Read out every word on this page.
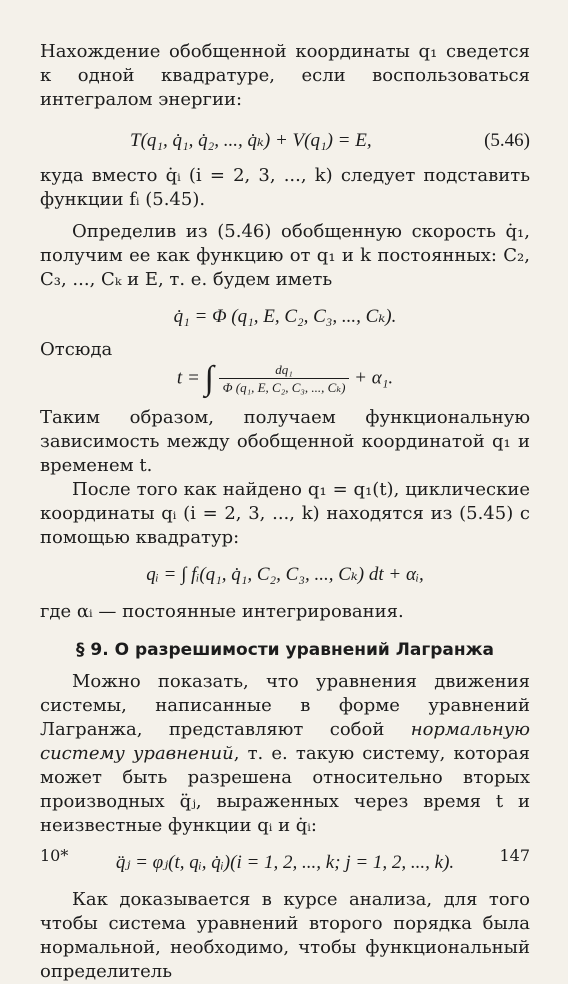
Нахождение обобщенной координаты q₁ сведется к одной квадратуре, если воспользоваться интегралом энергии:

T(q₁, q̇₁, q̇₂, ..., q̇ₖ) + V(q₁) = E,	(5.46)

куда вместо q̇ᵢ (i = 2, 3, ..., k) следует подставить функции fᵢ (5.45).

Определив из (5.46) обобщенную скорость q̇₁, получим ее как функцию от q₁ и k постоянных: C₂, C₃, ..., Cₖ и E, т. е. будем иметь

q̇₁ = Φ (q₁, E, C₂, C₃, ..., Cₖ).

Отсюда

t = ∫ $\frac{\text{dq₁}}{\text{Φ (q₁, E, C₂, C₃, ..., Cₖ)}} + \alpha_1$.

Таким образом, получаем функциональную зависимость между обобщенной координатой q₁ и временем t.

После того как найдено q₁ = q₁(t), циклические координаты qᵢ (i = 2, 3, ..., k) находятся из (5.45) с помощью квадратур:

qᵢ = ∫ fᵢ(q₁, q̇₁, C₂, C₃, ..., Cₖ) dt + αᵢ,

где αᵢ — постоянные интегрирования.

§ 9. О разрешимости уравнений Лагранжа

Можно показать, что уравнения движения системы, написанные в форме уравнений Лагранжа, представляют собой нормальную систему уравнений, т. е. такую систему, которая может быть разрешена относительно вторых производных q̈ⱼ, выраженных через время t и неизвестные функции qᵢ и q̇ᵢ:

q̈ⱼ = φⱼ(t, qᵢ, q̇ᵢ)(i = 1, 2, ..., k; j = 1, 2, ..., k).

Как доказывается в курсе анализа, для того чтобы система уравнений второго порядка была нормальной, необходимо, чтобы функциональный определитель

10*	147
